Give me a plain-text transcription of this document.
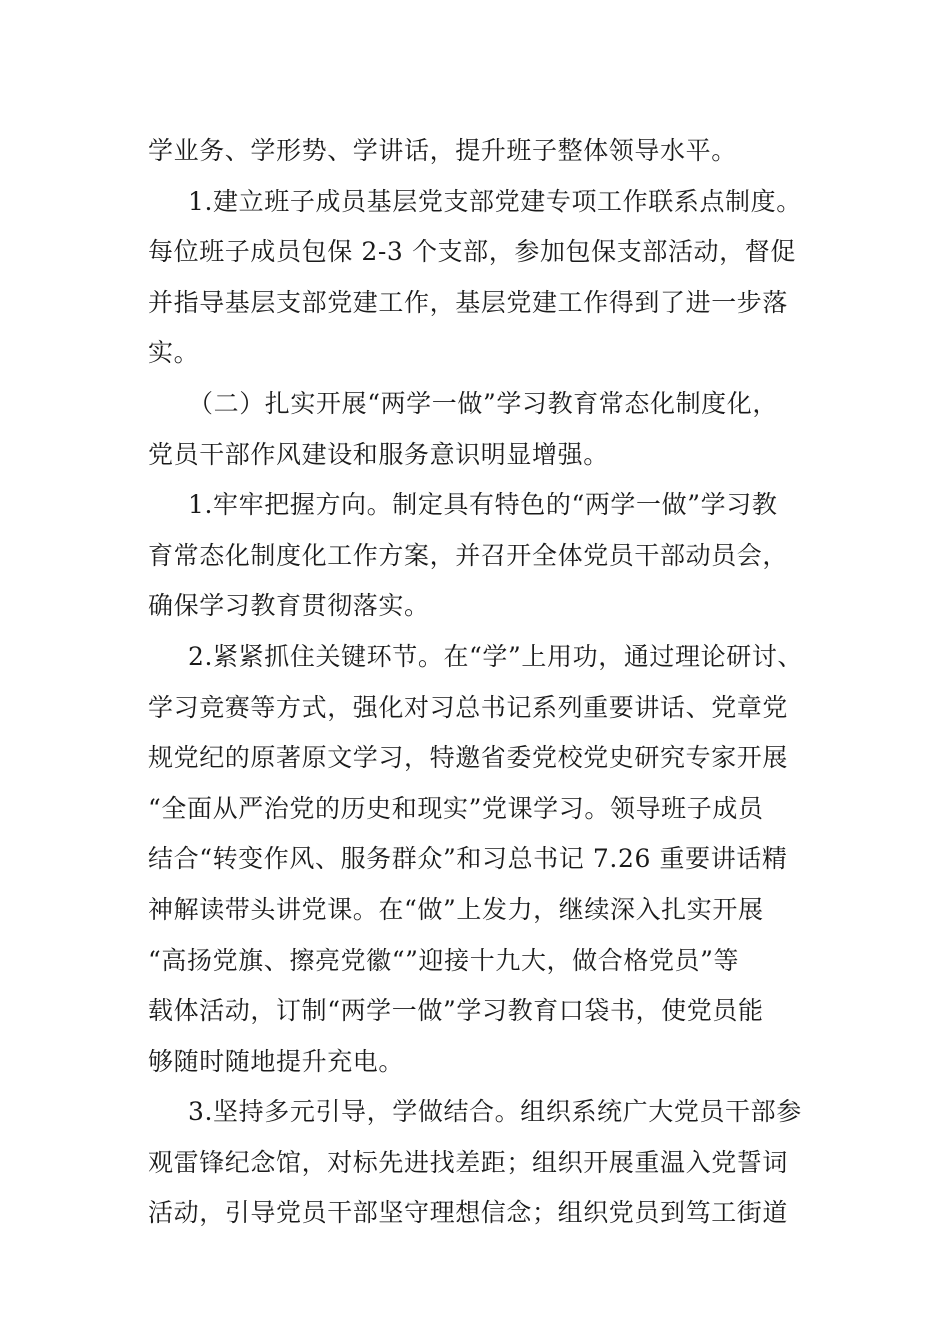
学业务、学形势、学讲话，提升班子整体领导水平。

1.建立班子成员基层党支部党建专项工作联系点制度。
每位班子成员包保 2-3 个支部，参加包保支部活动，督促
并指导基层支部党建工作，基层党建工作得到了进一步落
实。

（二）扎实开展“两学一做”学习教育常态化制度化，
党员干部作风建设和服务意识明显增强。

1.牢牢把握方向。制定具有特色的“两学一做”学习教
育常态化制度化工作方案，并召开全体党员干部动员会，
确保学习教育贯彻落实。

2.紧紧抓住关键环节。在“学”上用功，通过理论研讨、
学习竞赛等方式，强化对习总书记系列重要讲话、党章党
规党纪的原著原文学习，特邀省委党校党史研究专家开展
“全面从严治党的历史和现实”党课学习。领导班子成员
结合“转变作风、服务群众”和习总书记 7.26 重要讲话精
神解读带头讲党课。在“做”上发力，继续深入扎实开展
“高扬党旗、擦亮党徽“”迎接十九大，做合格党员”等
载体活动，订制“两学一做”学习教育口袋书，使党员能
够随时随地提升充电。

3.坚持多元引导，学做结合。组织系统广大党员干部参
观雷锋纪念馆，对标先进找差距；组织开展重温入党誓词
活动，引导党员干部坚守理想信念；组织党员到笃工街道
